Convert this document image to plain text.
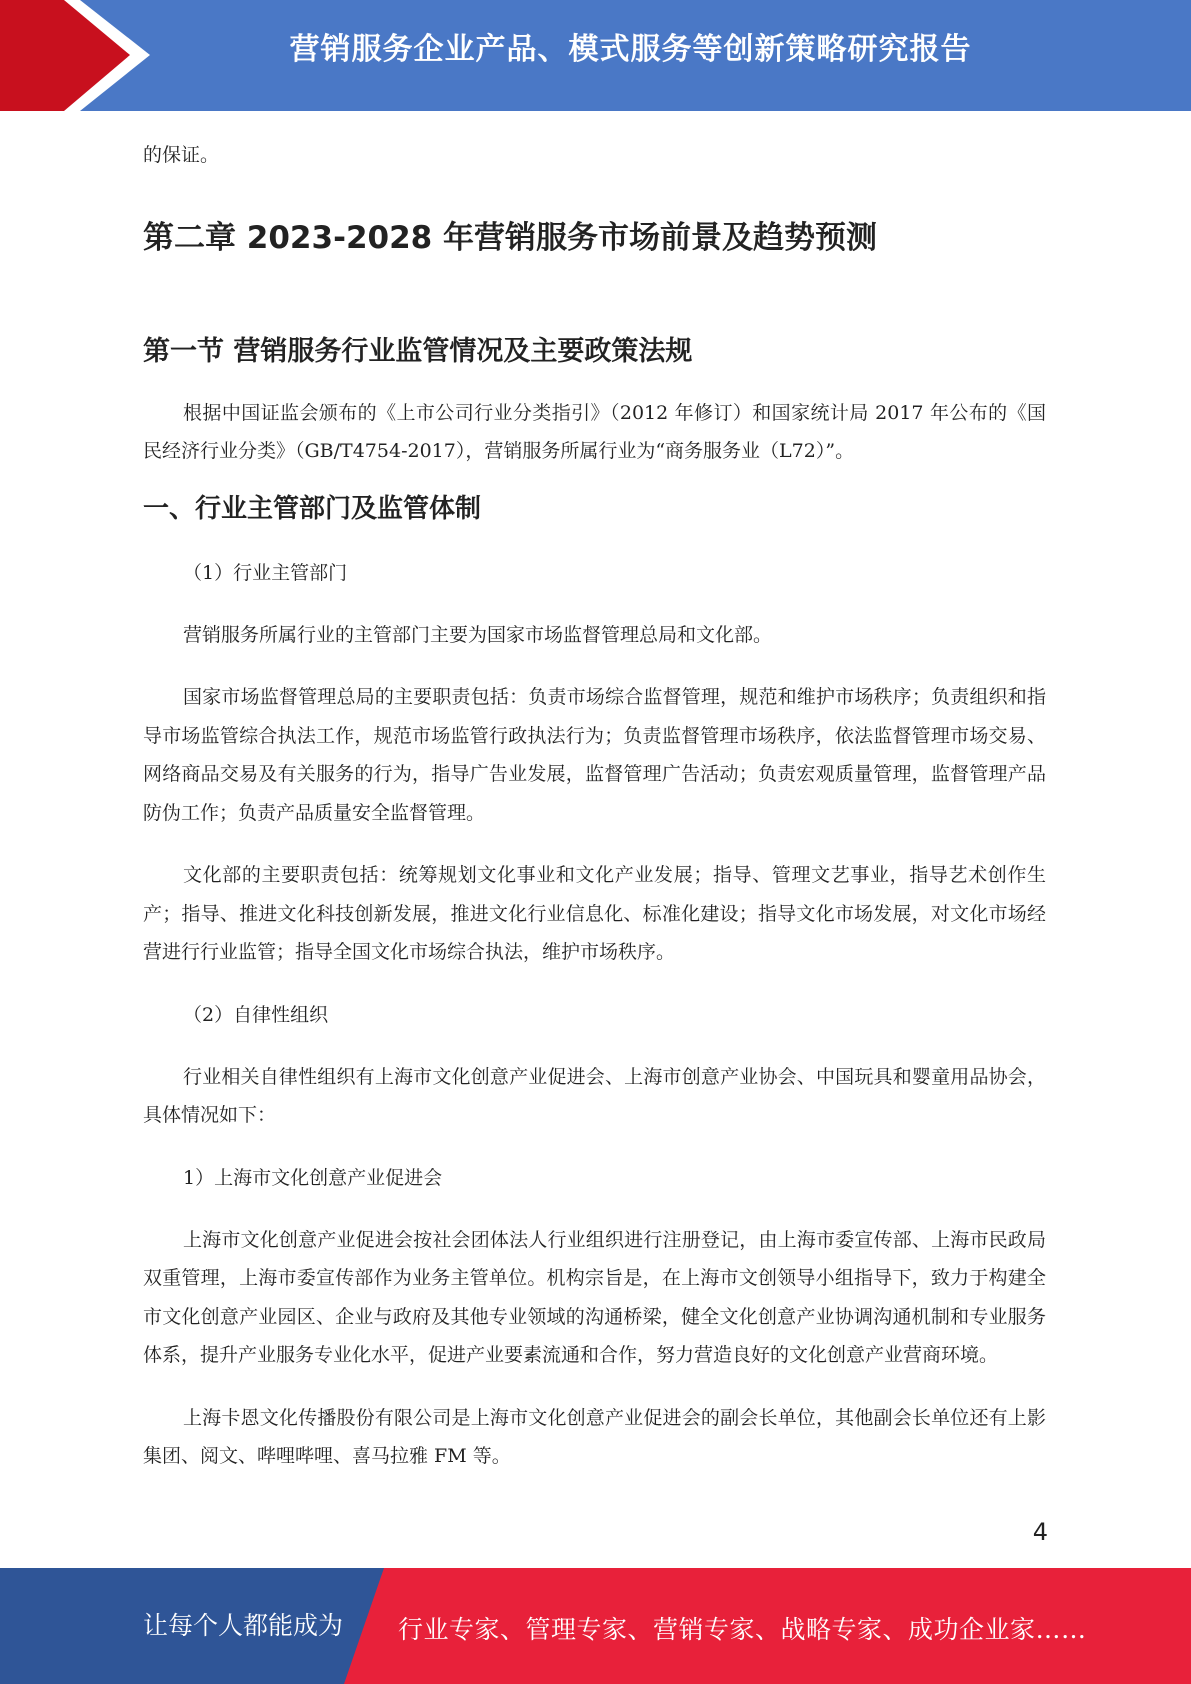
营销服务企业产品、模式服务等创新策略研究报告

的保证。

第二章 2023-2028 年营销服务市场前景及趋势预测
第一节 营销服务行业监管情况及主要政策法规

根据中国证监会颁布的《上市公司行业分类指引》（2012 年修订）和国家统计局 2017 年公布的《国民经济行业分类》（GB/T4754-2017），营销服务所属行业为“商务服务业（L72）”。

一、行业主管部门及监管体制

（1）行业主管部门

营销服务所属行业的主管部门主要为国家市场监督管理总局和文化部。

国家市场监督管理总局的主要职责包括：负责市场综合监督管理，规范和维护市场秩序；负责组织和指导市场监管综合执法工作，规范市场监管行政执法行为；负责监督管理市场秩序，依法监督管理市场交易、网络商品交易及有关服务的行为，指导广告业发展，监督管理广告活动；负责宏观质量管理，监督管理产品防伪工作；负责产品质量安全监督管理。

文化部的主要职责包括：统筹规划文化事业和文化产业发展；指导、管理文艺事业，指导艺术创作生产；指导、推进文化科技创新发展，推进文化行业信息化、标准化建设；指导文化市场发展，对文化市场经营进行行业监管；指导全国文化市场综合执法，维护市场秩序。

（2）自律性组织

行业相关自律性组织有上海市文化创意产业促进会、上海市创意产业协会、中国玩具和婴童用品协会，具体情况如下：

1）上海市文化创意产业促进会

上海市文化创意产业促进会按社会团体法人行业组织进行注册登记，由上海市委宣传部、上海市民政局双重管理，上海市委宣传部作为业务主管单位。机构宗旨是，在上海市文创领导小组指导下，致力于构建全市文化创意产业园区、企业与政府及其他专业领域的沟通桥梁，健全文化创意产业协调沟通机制和专业服务体系，提升产业服务专业化水平，促进产业要素流通和合作，努力营造良好的文化创意产业营商环境。

上海卡恩文化传播股份有限公司是上海市文化创意产业促进会的副会长单位，其他副会长单位还有上影集团、阅文、哔哩哔哩、喜马拉雅 FM 等。

4
让每个人都能成为 行业专家、管理专家、营销专家、战略专家、成功企业家……
